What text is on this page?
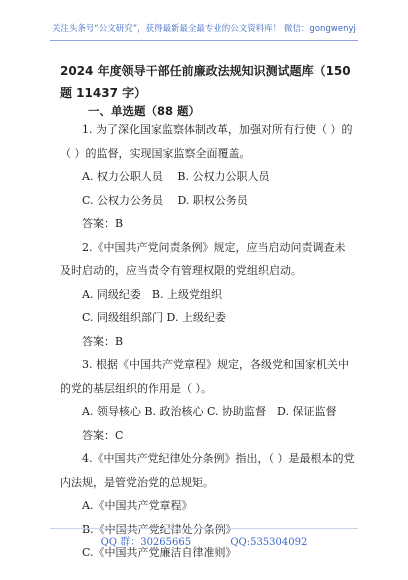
关注头条号“公文研究”，获得最新最全最专业的公文资料库！ 微信：gongwenyj
2024 年度领导干部任前廉政法规知识测试题库（150 题 11437 字）
一、单选题（88 题）

1. 为了深化国家监察体制改革，加强对所有行使（ ）的（ ）的监督，实现国家监察全面覆盖。

A. 权力公职人员　 B. 公权力公职人员

C. 公权力公务员　 D. 职权公务员

答案：B

2.《中国共产党问责条例》规定，应当启动问责调查未及时启动的，应当责令有管理权限的党组织启动。

A. 同级纪委　B. 上级党组织

C. 同级组织部门 D. 上级纪委

答案：B

3. 根据《中国共产党章程》规定，各级党和国家机关中的党的基层组织的作用是（ ）。

A. 领导核心 B. 政治核心 C. 协助监督　D. 保证监督

答案：C

4.《中国共产党纪律处分条例》指出，（ ）是最根本的党内法规，是管党治党的总规矩。

A.《中国共产党章程》

B.《中国共产党纪律处分条例》

C.《中国共产党廉洁自律准则》

QQ 群：30265665	QQ:535304092
